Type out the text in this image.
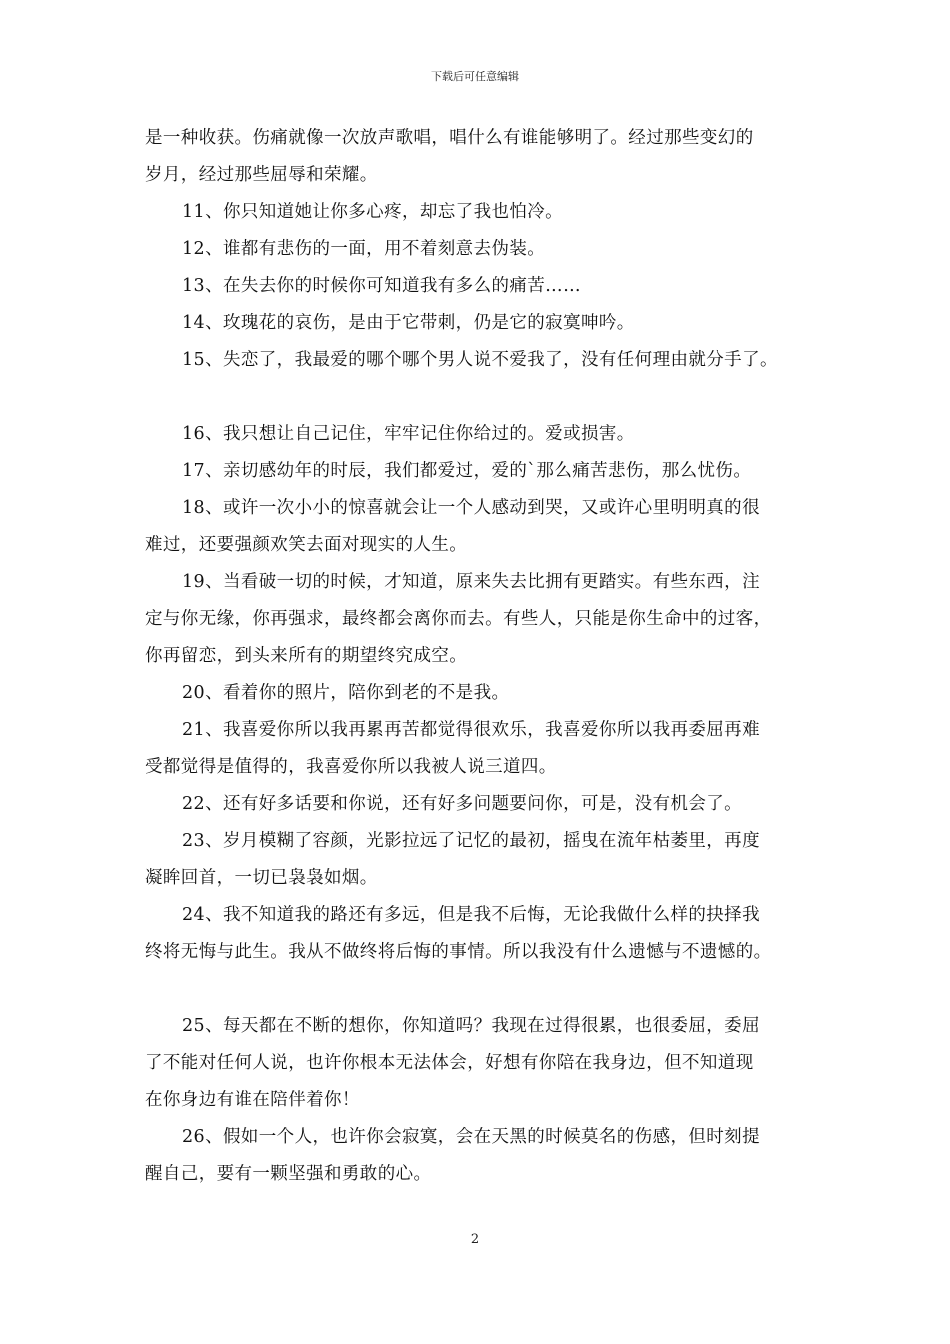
下载后可任意编辑
是一种收获。伤痛就像一次放声歌唱，唱什么有谁能够明了。经过那些变幻的
岁月，经过那些屈辱和荣耀。
11、你只知道她让你多心疼，却忘了我也怕冷。
12、谁都有悲伤的一面，用不着刻意去伪装。
13、在失去你的时候你可知道我有多么的痛苦……
14、玫瑰花的哀伤，是由于它带刺，仍是它的寂寞呻吟。
15、失恋了，我最爱的哪个哪个男人说不爱我了，没有任何理由就分手了。
16、我只想让自己记住，牢牢记住你给过的。爱或损害。
17、亲切感幼年的时辰，我们都爱过，爱的`那么痛苦悲伤，那么忧伤。
18、或许一次小小的惊喜就会让一个人感动到哭，又或许心里明明真的很
难过，还要强颜欢笑去面对现实的人生。
19、当看破一切的时候，才知道，原来失去比拥有更踏实。有些东西，注
定与你无缘，你再强求，最终都会离你而去。有些人，只能是你生命中的过客，
你再留恋，到头来所有的期望终究成空。
20、看着你的照片，陪你到老的不是我。
21、我喜爱你所以我再累再苦都觉得很欢乐，我喜爱你所以我再委屈再难
受都觉得是值得的，我喜爱你所以我被人说三道四。
22、还有好多话要和你说，还有好多问题要问你，可是，没有机会了。
23、岁月模糊了容颜，光影拉远了记忆的最初，摇曳在流年枯萎里，再度
凝眸回首，一切已袅袅如烟。
24、我不知道我的路还有多远，但是我不后悔，无论我做什么样的抉择我
终将无悔与此生。我从不做终将后悔的事情。所以我没有什么遗憾与不遗憾的。
25、每天都在不断的想你，你知道吗？我现在过得很累，也很委屈，委屈
了不能对任何人说，也许你根本无法体会，好想有你陪在我身边，但不知道现
在你身边有谁在陪伴着你！
26、假如一个人，也许你会寂寞，会在天黑的时候莫名的伤感，但时刻提
醒自己，要有一颗坚强和勇敢的心。
2
